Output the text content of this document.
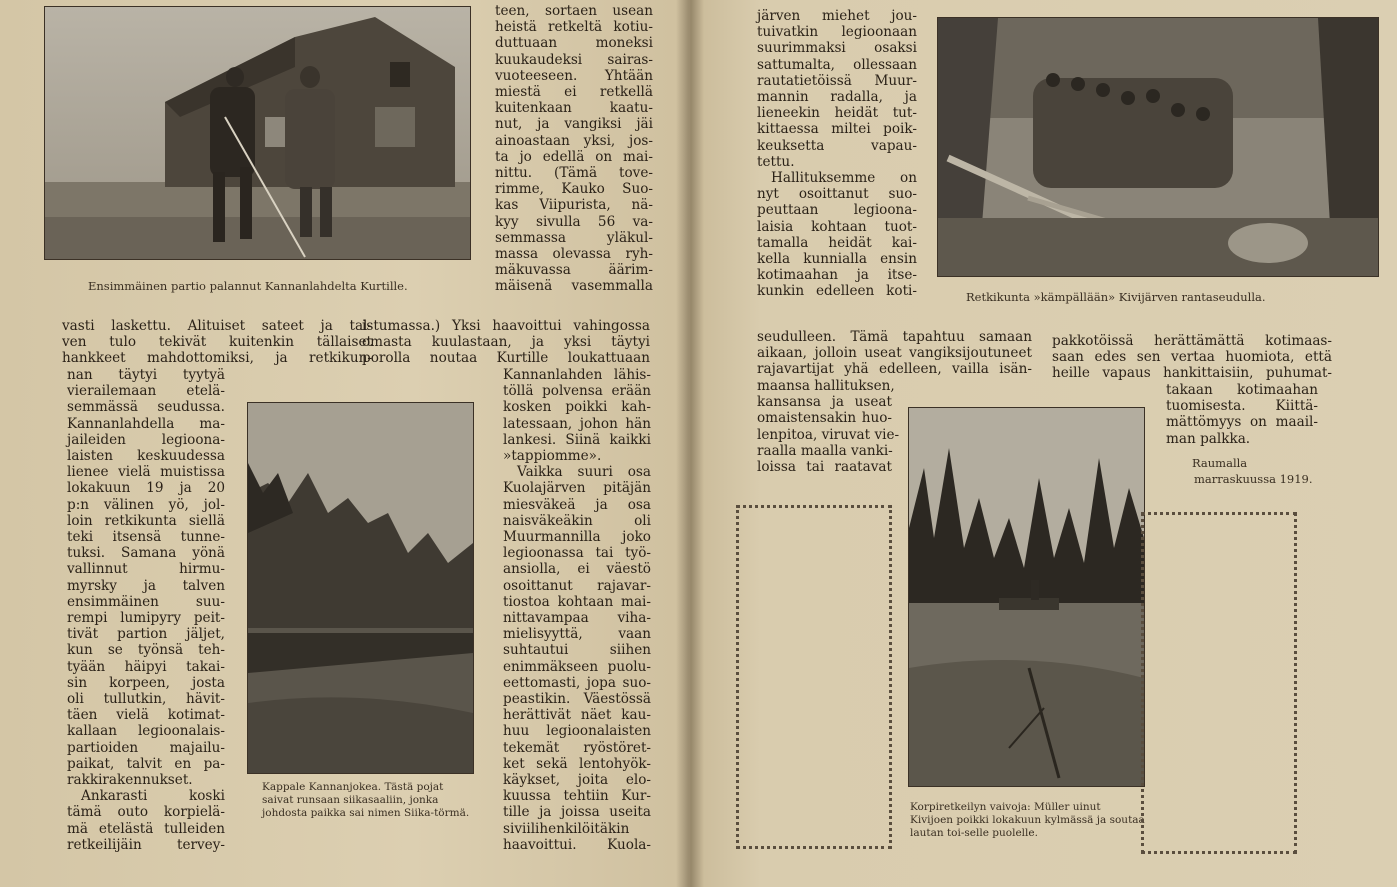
Ensimmäinen partio palannut Kannanlahdelta Kurtille.
teen, sortaen usean
heistä retkeltä kotiu-
duttuaan moneksi
kuukaudeksi sairas-
vuoteeseen. Yhtään
miestä ei retkellä
kuitenkaan kaatu-
nut, ja vangiksi jäi
ainoastaan yksi, jos-
ta jo edellä on mai-
nittu. (Tämä tove-
rimme, Kauko Suo-
kas Viipurista, nä-
kyy sivulla 56 va-
semmassa yläkul-
massa olevassa ryh-
mäkuvassa äärim-
mäisenä vasemmalla
vasti laskettu. Alituiset sateet ja tal-
ven tulo tekivät kuitenkin tällaiset
hankkeet mahdottomiksi, ja retkikun-
istumassa.) Yksi haavoittui vahingossa
omasta kuulastaan, ja yksi täytyi
porolla noutaa Kurtille loukattuaan
nan täytyi tyytyä
vierailemaan etelä-
semmässä seudussa.
Kannanlahdella ma-
jaileiden legioona-
laisten keskuudessa
lienee vielä muistissa
lokakuun 19 ja 20
p:n välinen yö, jol-
loin retkikunta siellä
teki itsensä tunne-
tuksi. Samana yönä
vallinnut hirmu-
myrsky ja talven
ensimmäinen suu-
rempi lumipyry peit-
tivät partion jäljet,
kun se työnsä teh-
tyään häipyi takai-
sin korpeen, josta
oli tullutkin, hävit-
täen vielä kotimat-
kallaan legioonalais-
partioiden majailu-
paikat, talvit en pa-
rakkirakennukset.
Ankarasti koski
tämä outo korpielä-
mä etelästä tulleiden
retkeilijäin tervey-
Kappale Kannanjokea. Tästä pojat saivat runsaan siikasaaliin, jonka johdosta paikka sai nimen Siika-törmä.
Kannanlahden lähis-
töllä polvensa erään
kosken poikki kah-
latessaan, johon hän
lankesi. Siinä kaikki
»tappiomme».
Vaikka suuri osa
Kuolajärven pitäjän
miesväkeä ja osa
naisväkeäkin oli
Muurmannilla joko
legioonassa tai työ-
ansiolla, ei väestö
osoittanut rajavar-
tiostoa kohtaan mai-
nittavampaa viha-
mielisyyttä, vaan
suhtautui siihen
enimmäkseen puolu-
eettomasti, jopa suo-
peastikin. Väestössä
herättivät näet kau-
huu legioonalaisten
tekemät ryöstöret-
ket sekä lentohyök-
käykset, joita elo-
kuussa tehtiin Kur-
tille ja joissa useita
siviilihenkilöitäkin
haavoittui. Kuola-
järven miehet jou-
tuivatkin legioonaan
suurimmaksi osaksi
sattumalta, ollessaan
rautatietöissä Muur-
mannin radalla, ja
lieneekin heidät tut-
kittaessa miltei poik-
keuksetta vapau-
tettu.
Hallituksemme on
nyt osoittanut suo-
peuttaan legioona-
laisia kohtaan tuot-
tamalla heidät kai-
kella kunnialla ensin
kotimaahan ja itse-
kunkin edelleen koti-	Retkikunta »kämpällään» Kivijärven rantaseudulla.
seudulleen. Tämä tapahtuu samaan
aikaan, jolloin useat vangiksijoutuneet
rajavartijat yhä edelleen, vailla isän-
maansa hallituksen,
kansansa ja useat
omaistensakin huo-
lenpitoa, viruvat vie-
raalla maalla vanki-
loissa tai raatavat
pakkotöissä herättämättä kotimaas-
saan edes sen vertaa huomiota, että
heille vapaus hankittaisiin, puhumat-
takaan kotimaahan
tuomisesta. Kiittä-
mättömyys on maail-
man palkka.
Raumalla
marraskuussa 1919.
Korpiretkeilyn vaivoja: Müller uinut Kivijoen poikki lokakuun kylmässä ja soutaa lautan toi-selle puolelle.
